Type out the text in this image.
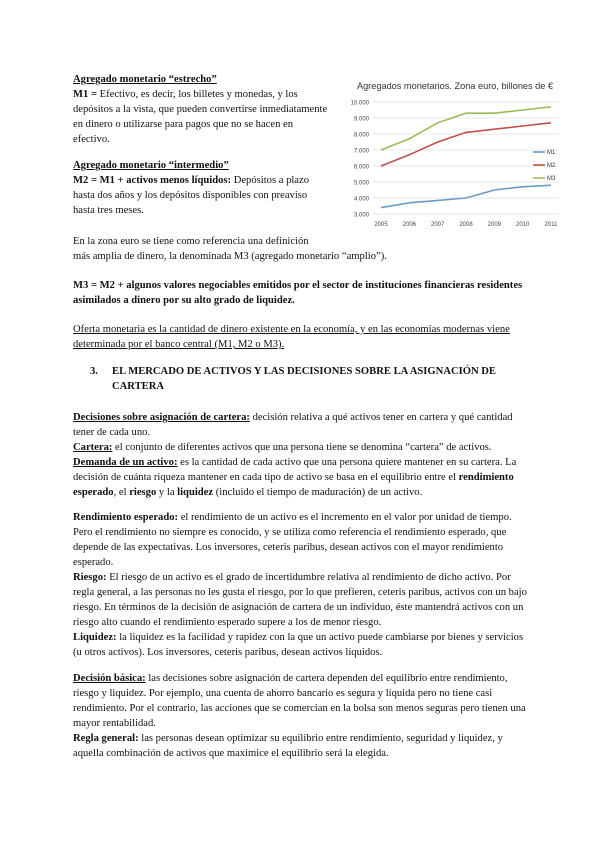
Agregado monetario “estrecho”

M1 = Efectivo, es decir, los billetes y monedas, y los depósitos a la vista, que pueden convertirse inmediatamente en dinero o utilizarse para pagos que no se hacen en efectivo.

Agregado monetario “intermedio”

M2 = M1 + activos menos líquidos: Depósitos a plazo hasta dos años y los depósitos disponibles con preaviso hasta tres meses.

En la zona euro se tiene como referencia una definición
más amplia de dinero, la denominada M3 (agregado monetario “amplio”).
M3 = M2 + algunos valores negociables emitidos por el sector de instituciones financieras residentes asimilados a dinero por su alto grado de liquidez.
Oferta monetaria es la cantidad de dinero existente en la economía, y en las economías modernas viene determinada por el banco central (M1, M2 o M3).
3. EL MERCADO DE ACTIVOS Y LAS DECISIONES SOBRE LA ASIGNACIÓN DE CARTERA

Decisiones sobre asignación de cartera: decisión relativa a qué activos tener en cartera y qué cantidad tener de cada uno.

Cartera: el conjunto de diferentes activos que una persona tiene se denomina “cartera” de activos.

Demanda de un activo: es la cantidad de cada activo que una persona quiere mantener en su cartera. La decisión de cuánta riqueza mantener en cada tipo de activo se basa en el equilibrio entre el rendimiento esperado, el riesgo y la liquidez (incluido el tiempo de maduración) de un activo.

Rendimiento esperado: el rendimiento de un activo es el incremento en el valor por unidad de tiempo. Pero el rendimiento no siempre es conocido, y se utiliza como referencia el rendimiento esperado, que depende de las expectativas. Los inversores, ceteris paribus, desean activos con el mayor rendimiento esperado.

Riesgo: El riesgo de un activo es el grado de incertidumbre relativa al rendimiento de dicho activo. Por regla general, a las personas no les gusta el riesgo, por lo que prefieren, ceteris paribus, activos con un bajo riesgo. En términos de la decisión de asignación de cartera de un individuo, éste mantendrá activos con un riesgo alto cuando el rendimiento esperado supere a los de menor riesgo.

Liquidez: la liquidez es la facilidad y rapidez con la que un activo puede cambiarse por bienes y servicios (u otros activos). Los inversores, ceteris paribus, desean activos líquidos.

Decisión básica: las decisiones sobre asignación de cartera dependen del equilibrio entre rendimiento, riesgo y liquidez. Por ejemplo, una cuenta de ahorro bancario es segura y líquida pero no tiene casi rendimiento. Por el contrario, las acciones que se comercian en la bolsa son menos seguras pero tienen una mayor rentabilidad.

Regla general: las personas desean optimizar su equilibrio entre rendimiento, seguridad y liquidez, y aquella combinación de activos que maximice el equilibrio será la elegida.

Agregados monetarios. Zona euro, billones de €
3.000
4.000
5.000
6.000
7.000
8.000
9.000
10.000
2005 2006 2007 2008 2009 2010	2011
M1
M2
M3
